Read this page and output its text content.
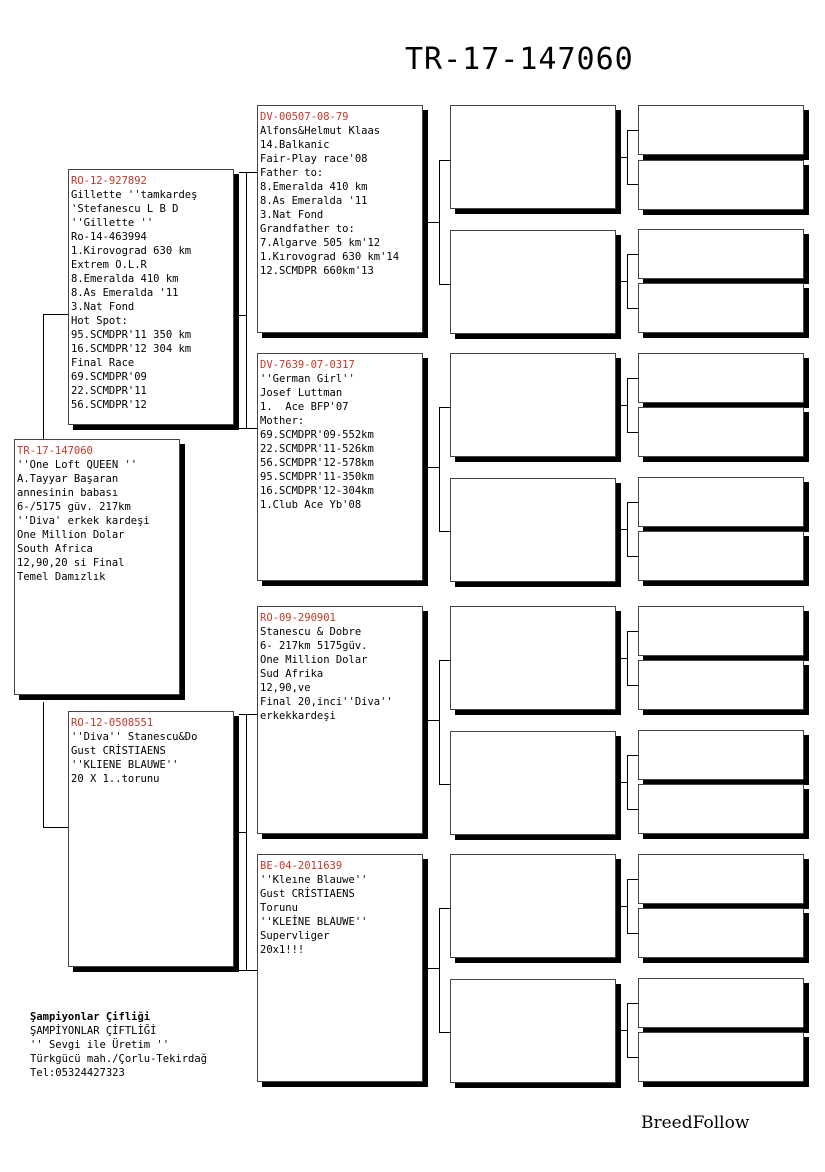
TR-17-147060
TR-17-147060
''One Loft QUEEN ''
A.Tayyar Başaran
annesinin babası
6-/5175 güv. 217km
''Diva' erkek kardeşi
One Million Dolar
South Africa
12,90,20 si Final
Temel Damızlık
RO-12-927892
Gillette ''tamkardeş
'Stefanescu L B D
''Gillette ''
Ro-14-463994
1.Kirovograd 630 km
Extrem O.L.R
8.Emeralda 410 km
8.As Emeralda '11
3.Nat Fond
Hot Spot:
95.SCMDPR'11 350 km
16.SCMDPR'12 304 km
Final Race
69.SCMDPR'09
22.SCMDPR'11
56.SCMDPR'12
RO-12-0508551
''Diva'' Stanescu&Do
Gust CRİSTIAENS
''KLIENE BLAUWE''
20 X 1..torunu
DV-00507-08-79
Alfons&Helmut Klaas
14.Balkanic
Fair-Play race'08
Father to:
8.Emeralda 410 km
8.As Emeralda '11
3.Nat Fond
Grandfather to:
7.Algarve 505 km'12
1.Kırovograd 630 km'14
12.SCMDPR 660km'13
DV-7639-07-0317
''German Girl''
Josef Luttman
1.  Ace BFP'07
Mother:
69.SCMDPR'09-552km
22.SCMDPR'11-526km
56.SCMDPR'12-578km
95.SCMDPR'11-350km
16.SCMDPR'12-304km
1.Club Ace Yb'08
RO-09-290901
Stanescu & Dobre
6- 217km 5175güv.
One Million Dolar
Sud Afrika
12,90,ve
Final 20,inci''Diva''
erkekkardeşi
BE-04-2011639
''Kleıne Blauwe''
Gust CRİSTIAENS
Torunu
''KLEİNE BLAUWE''
Supervliger
20x1!!!
Şampiyonlar Çifliği
ŞAMPİYONLAR ÇİFTLİĞİ
'' Sevgi ile Üretim ''
Türkgücü mah./Çorlu-Tekirdağ
Tel:05324427323
BreedFollow
